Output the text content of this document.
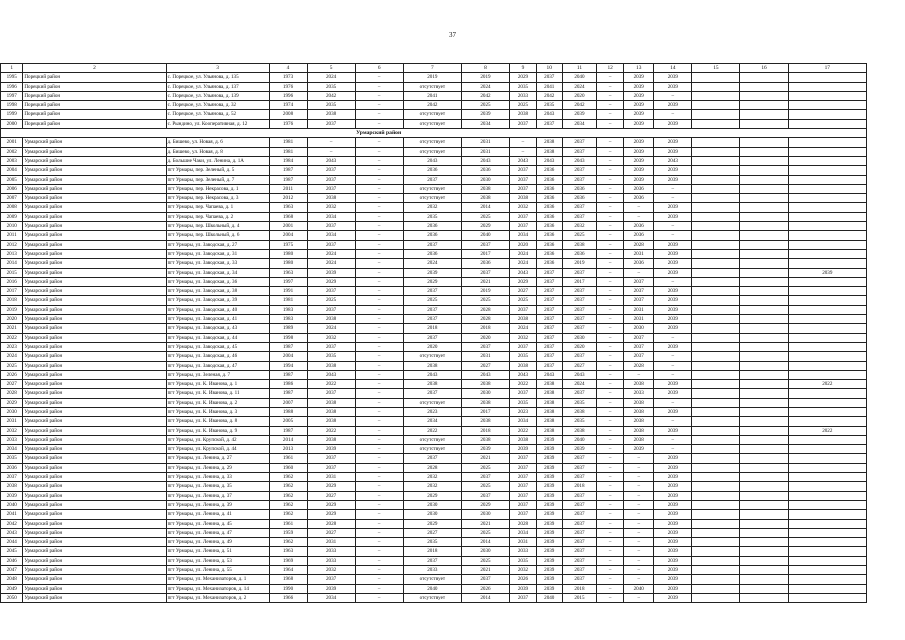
37
1	2	3	4	5	6	7	8	9	10	11	12	13	14	15	16	17
1995	Порецкий район	с. Порецкое, ул. Ульянова, д. 135	1973	2024	–	2019	2019	2029	2037	2040	–	2039	2039			
1996	Порецкий район	с. Порецкое, ул. Ульянова, д. 137	1976	2035	–	отсутствует	2024	2035	2041	2024	–	2039	2039			
1997	Порецкий район	с. Порецкое, ул. Ульянова, д. 139	1996	2042	–	2041	2042	2033	2042	2020	–	2039	–			
1998	Порецкий район	с. Порецкое, ул. Ульянова, д. 32	1974	2035	–	2042	2025	2025	2035	2042	–	2039	2039			
1999	Порецкий район	с. Порецкое, ул. Ульянова, д. 52	2008	2038	–	отсутствует	2039	2038	2043	2039	–	2039	–			
2000	Порецкий район	с. Рындино, ул. Кооперативная, д. 12	1976	2037	–	отсутствует	2034	2037	2037	2034	–	2039	2039			
					Урмарский район											
2001	Урмарский район	д. Бишево, ул. Новая, д. 6	1981	–	–	отсутствует	2031	–	2038	2037	–	2039	2039			
2002	Урмарский район	д. Бишево, ул. Новая, д. 8	1981	–	–	отсутствует	2031	–	2038	2037	–	2039	2039			
2003	Урмарский район	д. Большие Чаки, ул. Ленина, д. 1А	1984	2043	–	2043	2043	2043	2043	2043	–	2039	2043			
2004	Урмарский район	пгт Урмары, пер. Зеленый, д. 5	1987	2037	–	2036	2036	2037	2036	2037	–	2039	2039			
2005	Урмарский район	пгт Урмары, пер. Зеленый, д. 7	1987	2037	–	2037	2030	2037	2036	2037	–	2039	2039			
2006	Урмарский район	пгт Урмары, пер. Некрасова, д. 1	2011	2037	–	отсутствует	2038	2037	2036	2036	–	2036	–			
2007	Урмарский район	пгт Урмары, пер. Некрасова, д. 3	2012	2038	–	отсутствует	2038	2038	2036	2036	–	2036	–			
2008	Урмарский район	пгт Урмары, пер. Чапаева, д. 1	1963	2032	–	2032	2014	2032	2036	2037	–	–	2039			
2009	Урмарский район	пгт Урмары, пер. Чапаева, д. 2	1968	2034	–	2035	2025	2037	2036	2037	–	–	2039			
2010	Урмарский район	пгт Урмары, пер. Школьный, д. 4	2001	2037	–	2036	2029	2037	2036	2032	–	2036	–			
2011	Урмарский район	пгт Урмары, пер. Школьный, д. 6	2004	2034	–	2036	2040	2034	2036	2025	–	2036	–			
2012	Урмарский район	пгт Урмары, ул. Заводская, д. 27	1975	2037	–	2037	2037	2020	2036	2038	–	2028	2039			
2013	Урмарский район	пгт Урмары, ул. Заводская, д. 31	1980	2024	–	2036	2017	2024	2036	2036	–	2031	2039			
2014	Урмарский район	пгт Урмары, ул. Заводская, д. 33	1980	2024	–	2024	2036	2024	2036	2019	–	2036	2039			
2015	Урмарский район	пгт Урмары, ул. Заводская, д. 34	1963	2039	–	2039	2037	2043	2037	2037	–	–	2039			2039
2016	Урмарский район	пгт Урмары, ул. Заводская, д. 36	1997	2029	–	2029	2021	2029	2037	2017	–	2037	–			
2017	Урмарский район	пгт Урмары, ул. Заводская, д. 38	1991	2037	–	2037	2019	2027	2037	2037	–	2037	2039			
2018	Урмарский район	пгт Урмары, ул. Заводская, д. 39	1981	2025	–	2025	2025	2025	2037	2037	–	2037	2039			
2019	Урмарский район	пгт Урмары, ул. Заводская, д. 40	1983	2037	–	2037	2028	2037	2037	2037	–	2031	2039			
2020	Урмарский район	пгт Урмары, ул. Заводская, д. 41	1983	2038	–	2037	2028	2038	2037	2037	–	2031	2039			
2021	Урмарский район	пгт Урмары, ул. Заводская, д. 43	1989	2024	–	2018	2018	2024	2037	2037	–	2030	2039			
2022	Урмарский район	пгт Урмары, ул. Заводская, д. 44	1998	2032	–	2037	2020	2032	2037	2030	–	2037	–			
2023	Урмарский район	пгт Урмары, ул. Заводская, д. 45	1987	2037	–	2020	2037	2037	2037	2020	–	2037	2039			
2024	Урмарский район	пгт Урмары, ул. Заводская, д. 46	2004	2035	–	отсутствует	2031	2035	2037	2037	–	2037	–			
2025	Урмарский район	пгт Урмары, ул. Заводская, д. 47	1994	2038	–	2038	2027	2038	2037	2027	–	2028	–			
2026	Урмарский район	пгт Урмары, ул. Зеленая, д. 7	1987	2043	–	2043	2043	2043	2043	2043	–	–	–			
2027	Урмарский район	пгт Урмары, ул. К. Иванова, д. 1	1986	2022	–	2038	2038	2022	2038	2024	–	2038	2039			2022
2028	Урмарский район	пгт Урмары, ул. К. Иванова, д. 11	1987	2037	–	2037	2030	2037	2038	2037	–	2033	2039			
2029	Урмарский район	пгт Урмары, ул. К. Иванова, д. 2	2007	2038	–	отсутствует	2038	2035	2038	2035	–	2038	–			
2030	Урмарский район	пгт Урмары, ул. К. Иванова, д. 3	1988	2038	–	2023	2017	2023	2038	2038	–	2038	2039			
2031	Урмарский район	пгт Урмары, ул. К. Иванова, д. 8	2005	2038	–	2034	2038	2034	2038	2035	–	2038	–			
2032	Урмарский район	пгт Урмары, ул. К. Иванова, д. 9	1987	2022	–	2022	2018	2022	2038	2038	–	2038	2039			2022
2033	Урмарский район	пгт Урмары, ул. Крупской, д. 42	2014	2038	–	отсутствует	2038	2038	2039	2040	–	2038	–			
2034	Урмарский район	пгт Урмары, ул. Крупской, д. 44	2013	2039	–	отсутствует	2039	2039	2039	2039	–	2039	–			
2035	Урмарский район	пгт Урмары, ул. Ленина, д. 27	1961	2037	–	2037	2021	2037	2039	2037	–	–	2039			
2036	Урмарский район	пгт Урмары, ул. Ленина, д. 29	1960	2037	–	2028	2025	2037	2039	2037	–	–	2039			
2037	Урмарский район	пгт Урмары, ул. Ленина, д. 33	1962	2031	–	2032	2037	2037	2039	2037	–	–	2039			
2038	Урмарский район	пгт Урмары, ул. Ленина, д. 35	1962	2029	–	2032	2025	2037	2039	2018	–	–	2039			
2039	Урмарский район	пгт Урмары, ул. Ленина, д. 37	1962	2027	–	2029	2037	2037	2039	2037	–	–	2039			
2040	Урмарский район	пгт Урмары, ул. Ленина, д. 39	1962	2029	–	2030	2029	2037	2039	2037	–	–	2039			
2041	Урмарский район	пгт Урмары, ул. Ленина, д. 41	1962	2029	–	2030	2030	2037	2039	2037	–	–	2039			
2042	Урмарский район	пгт Урмары, ул. Ленина, д. 45	1961	2028	–	2029	2021	2028	2039	2037	–	–	2039			
2043	Урмарский район	пгт Урмары, ул. Ленина, д. 47	1959	2027	–	2027	2025	2034	2039	2037	–	–	2039			
2044	Урмарский район	пгт Урмары, ул. Ленина, д. 49	1962	2031	–	2035	2014	2031	2039	2037	–	–	2039			
2045	Урмарский район	пгт Урмары, ул. Ленина, д. 51	1963	2033	–	2018	2030	2033	2039	2037	–	–	2039			
2046	Урмарский район	пгт Урмары, ул. Ленина, д. 53	1969	2033	–	2037	2025	2035	2039	2037	–	–	2039			
2047	Урмарский район	пгт Урмары, ул. Ленина, д. 55	1964	2032	–	2033	2021	2032	2039	2037	–	–	2039			
2048	Урмарский район	пгт Урмары, ул. Механизаторов, д. 1	1968	2037	–	отсутствует	2037	2026	2039	2037	–	–	2039			
2049	Урмарский район	пгт Урмары, ул. Механизаторов, д. 14	1990	2039	–	2040	2026	2039	2039	2018	–	2040	2039			
2050	Урмарский район	пгт Урмары, ул. Механизаторов, д. 2	1966	2034	–	отсутствует	2014	2037	2040	2015	–	–	2039			
